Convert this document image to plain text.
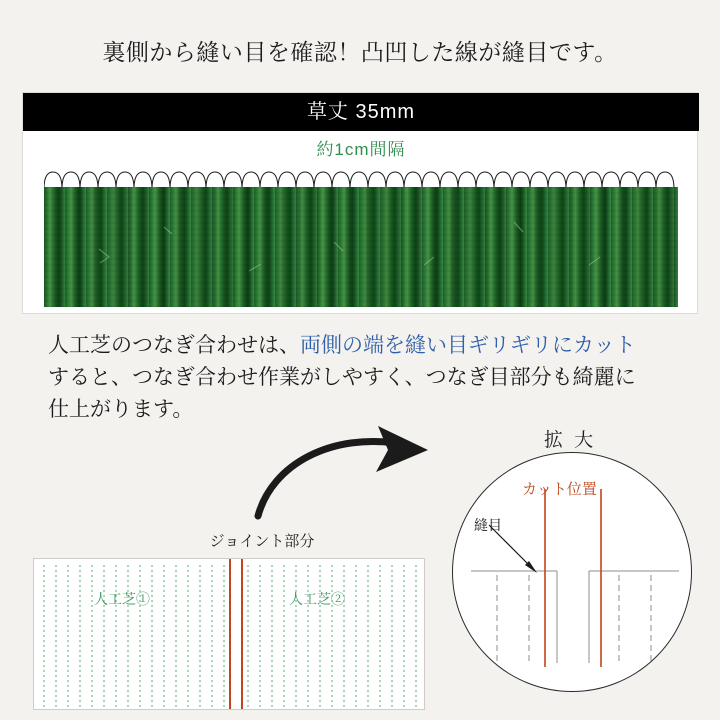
裏側から縫い目を確認！凸凹した線が縫目です。
草丈 35mm
約1cm間隔
人工芝のつなぎ合わせは、両側の端を縫い目ギリギリにカット
すると、つなぎ合わせ作業がしやすく、つなぎ目部分も綺麗に
仕上がります。
ジョイント部分
人工芝①	人工芝②
拡 大
カット位置
縫目
